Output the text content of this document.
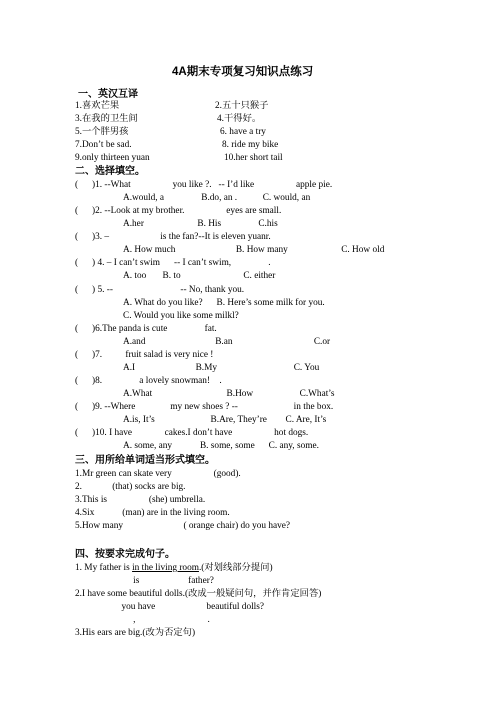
4A期末专项复习知识点练习
一、英汉互译
1.喜欢芒果	2.五十只猴子
3.在我的卫生间	4.干得好。
5.一个胖男孩	6. have a try
7.Don’t be sad.	8. ride my bike
9.only thirteen yuan	10.her short tail
二、选择填空。
(      )1. --What                  you like ?.   -- I’d like                  apple pie.
A.would, a                B.do, an .           C. would, an
(      )2. --Look at my brother.                  eyes are small.
A.her                       B. His                C.his
(      )3. –                      is the fan?--It is eleven yuanr.
A. How much                          B. How many                       C. How old
(      ) 4. – I can’t swim      -- I can’t swim,                .
A. too       B. to                           C. either
(      ) 5. --                             -- No, thank you.
A. What do you like?      B. Here’s some milk for you.
C. Would you like some milkl?
(      )6.The panda is cute                fat.
A.and                              B.an                                   C.or
(      )7.          fruit salad is very nice !
A.I                          B.My                                 C. You
(      )8.                a lovely snowman!    .
A.What                                B.How                    C.What’s
(      )9. --Where               my new shoes ? --                        in the box.
A.is, It’s                        B.Are, They’re        C. Are, It’s
(      )10. I have              cakes.I don’t have                  hot dogs.
A. some, any            B. some, some      C. any, some.
三、用所给单词适当形式填空。
1.Mr green can skate very                  (good).
2.             (that) socks are big.
3.This is                  (she) umbrella.
4.Six            (man) are in the living room.
5.How many                          ( orange chair) do you have?
四、按要求完成句子。
1. My father is in the living room.(对划线部分提问)
is                     father?
2.I have some beautiful dolls.(改成一般疑问句，并作肯定回答)
you have                      beautiful dolls?
,                               .
3.His ears are big.(改为否定句)
